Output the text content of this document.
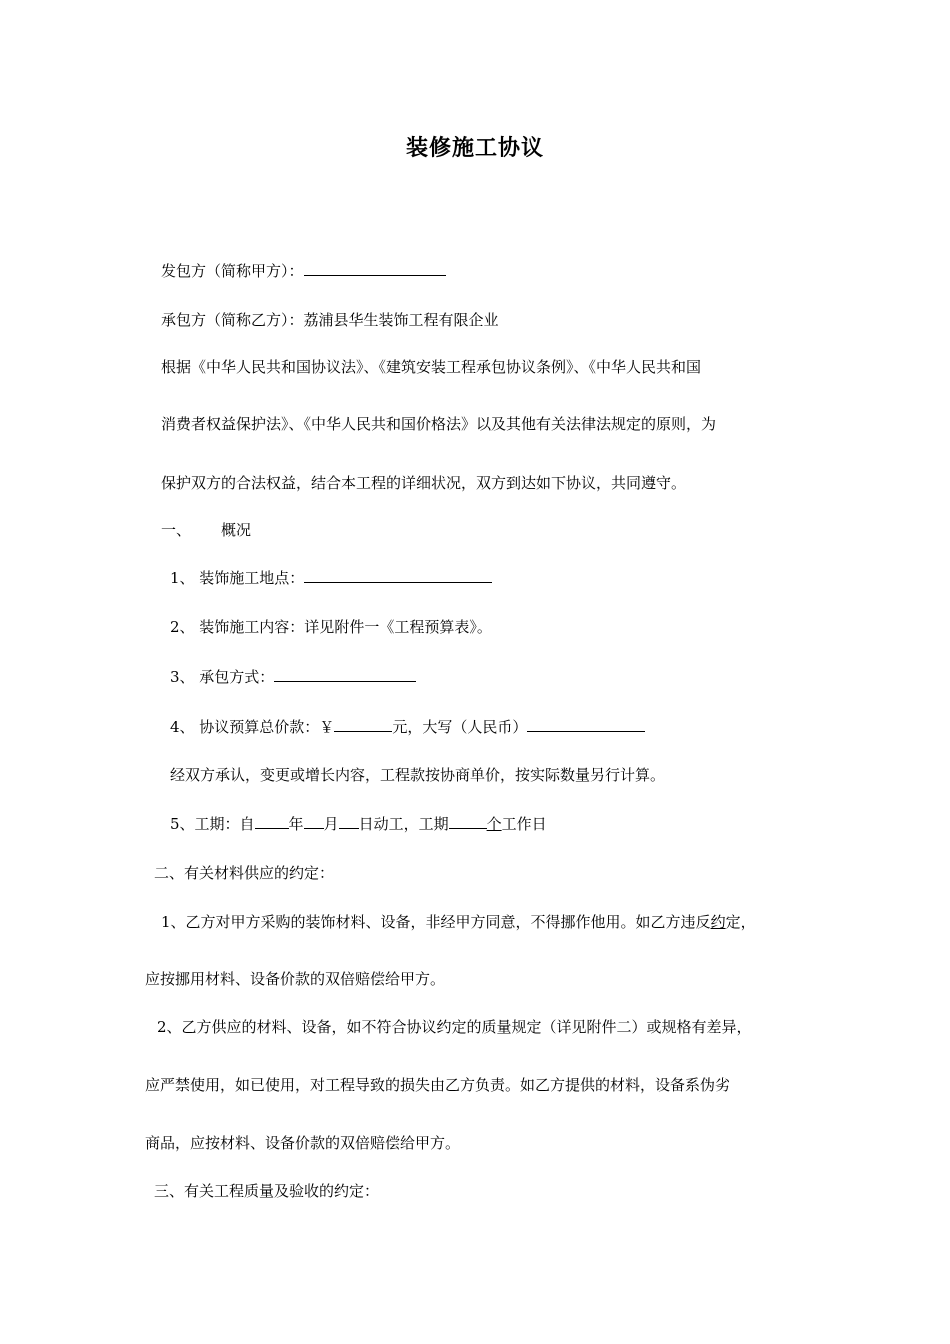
装修施工协议
发包方（简称甲方）：
承包方（简称乙方）：荔浦县华生装饰工程有限企业
根据《中华人民共和国协议法》、《建筑安装工程承包协议条例》、《中华人民共和国
消费者权益保护法》、《中华人民共和国价格法》以及其他有关法律法规定的原则，为
保护双方的合法权益，结合本工程的详细状况，双方到达如下协议，共同遵守。
一、 概况
1、 装饰施工地点：
2、 装饰施工内容：详见附件一《工程预算表》。
3、 承包方式：
4、 协议预算总价款：￥	元，大写（人民币）
经双方承认，变更或增长内容，工程款按协商单价，按实际数量另行计算。
5、工期：自 年 月 日动工，工期	个工作日
二、有关材料供应的约定：
1、乙方对甲方采购的装饰材料、设备，非经甲方同意，不得挪作他用。如乙方违反约定，
应按挪用材料、设备价款的双倍赔偿给甲方。
2、乙方供应的材料、设备，如不符合协议约定的质量规定（详见附件二）或规格有差异，
应严禁使用，如已使用，对工程导致的损失由乙方负责。如乙方提供的材料，设备系伪劣
商品，应按材料、设备价款的双倍赔偿给甲方。
三、有关工程质量及验收的约定：
